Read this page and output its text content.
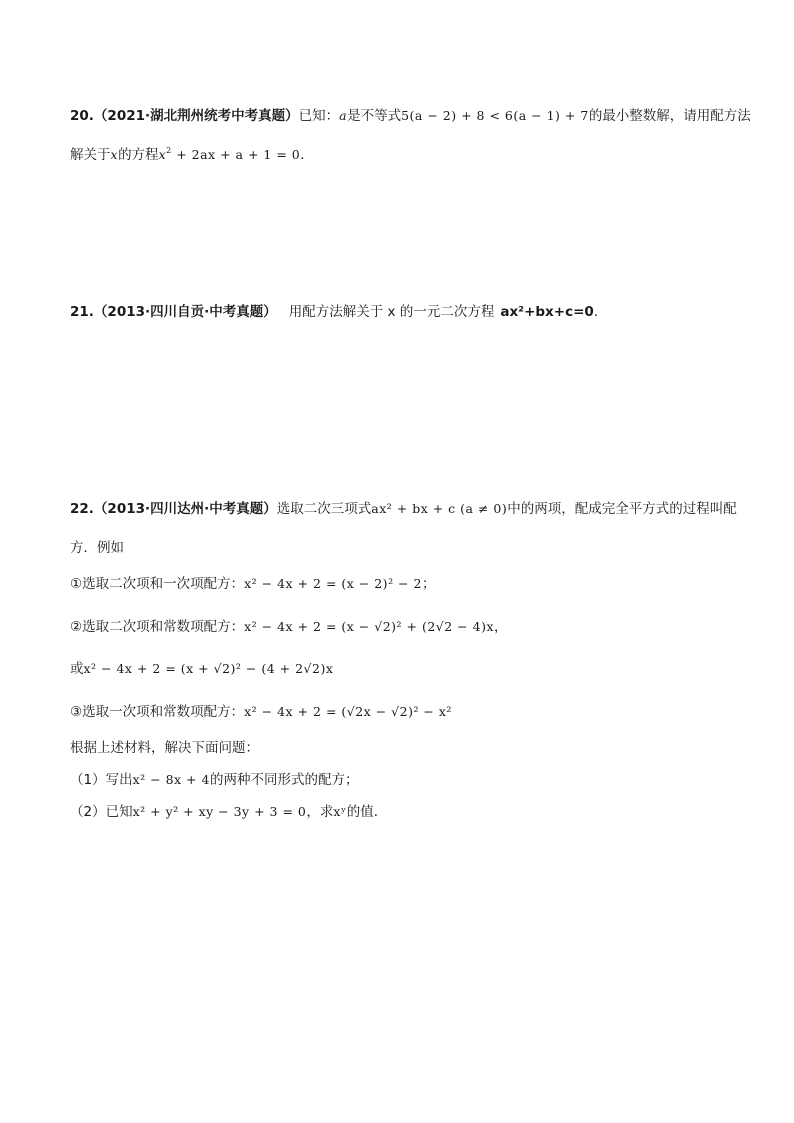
20.（2021·湖北荆州统考中考真题）已知：a是不等式5(a − 2) + 8 < 6(a − 1) + 7的最小整数解，请用配方法
解关于x的方程$x^2 + 2ax + a + 1 = 0$.
21.（2013·四川自贡·中考真题） 用配方法解关于 x 的一元二次方程 ax²+bx+c=0.
22.（2013·四川达州·中考真题）选取二次三项式ax² + bx + c (a ≠ 0)中的两项，配成完全平方式的过程叫配
方．例如
①选取二次项和一次项配方：x² − 4x + 2 = (x − 2)² − 2；
②选取二次项和常数项配方：x² − 4x + 2 = (x − √2)² + (2√2 − 4)x，
或x² − 4x + 2 = (x + √2)² − (4 + 2√2)x
③选取一次项和常数项配方：x² − 4x + 2 = (√2x − √2)² − x²
根据上述材料，解决下面问题：
（1）写出x² − 8x + 4的两种不同形式的配方；
（2）已知x² + y² + xy − 3y + 3 = 0，求xʸ的值．
